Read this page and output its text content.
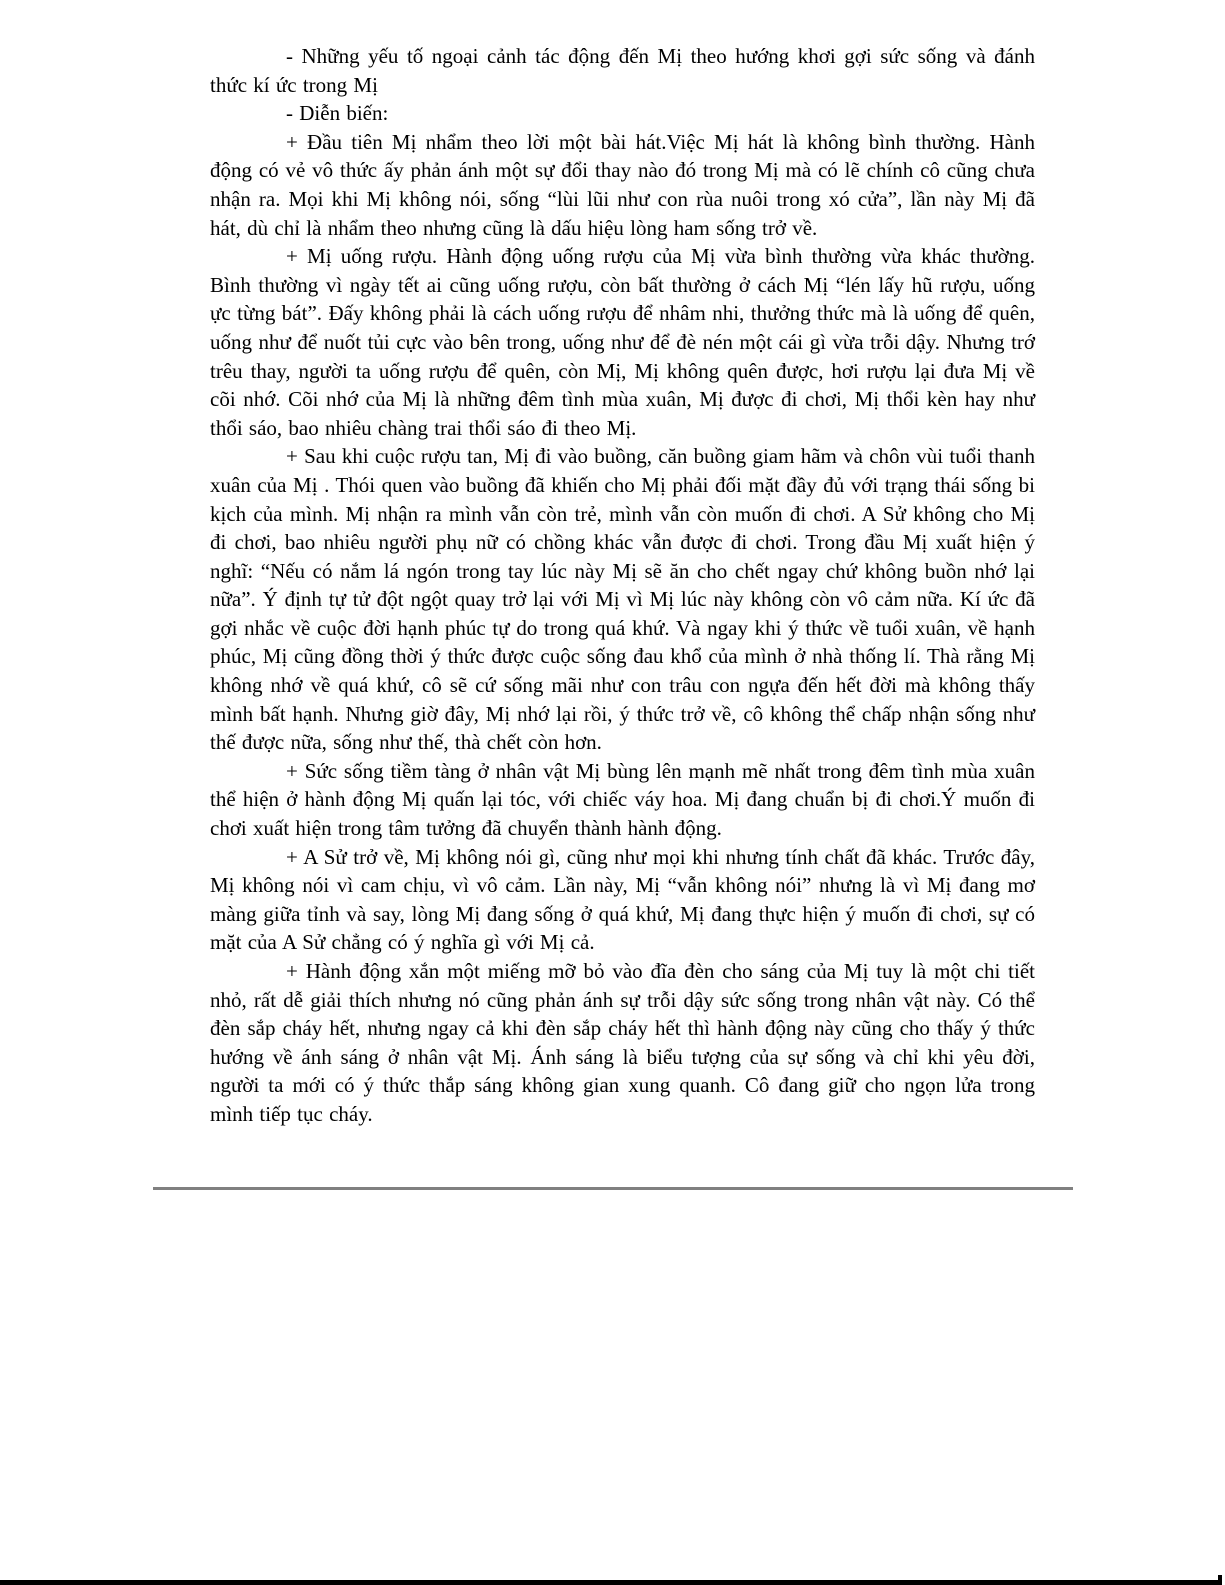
- Những yếu tố ngoại cảnh tác động đến Mị theo hướng khơi gợi sức sống và đánh thức kí ức trong Mị

- Diễn biến:

+ Đầu tiên Mị nhẩm theo lời một bài hát.Việc Mị hát là không bình thường. Hành động có vẻ vô thức ấy phản ánh một sự đổi thay nào đó trong Mị mà có lẽ chính cô cũng chưa nhận ra. Mọi khi Mị không nói, sống “lùi lũi như con rùa nuôi trong xó cửa”, lần này Mị đã hát, dù chỉ là nhẩm theo nhưng cũng là dấu hiệu lòng ham sống trở về.

+ Mị uống rượu. Hành động uống rượu của Mị vừa bình thường vừa khác thường. Bình thường vì ngày tết ai cũng uống rượu, còn bất thường ở cách Mị “lén lấy hũ rượu, uống ực từng bát”. Đấy không phải là cách uống rượu để nhâm nhi, thưởng thức mà là uống để quên, uống như để nuốt tủi cực vào bên trong, uống như để đè nén một cái gì vừa trỗi dậy. Nhưng trớ trêu thay, người ta uống rượu để quên, còn Mị, Mị không quên được, hơi rượu lại đưa Mị về cõi nhớ. Cõi nhớ của Mị là những đêm tình mùa xuân, Mị được đi chơi, Mị thổi kèn hay như thổi sáo, bao nhiêu chàng trai thổi sáo đi theo Mị.

+ Sau khi cuộc rượu tan, Mị đi vào buồng, căn buồng giam hãm và chôn vùi tuổi thanh xuân của Mị . Thói quen vào buồng đã khiến cho Mị phải đối mặt đầy đủ với trạng thái sống bi kịch của mình. Mị nhận ra mình vẫn còn trẻ, mình vẫn còn muốn đi chơi. A Sử không cho Mị đi chơi, bao nhiêu người phụ nữ có chồng khác vẫn được đi chơi. Trong đầu Mị xuất hiện ý nghĩ: “Nếu có nắm lá ngón trong tay lúc này Mị sẽ ăn cho chết ngay chứ không buồn nhớ lại nữa”. Ý định tự tử đột ngột quay trở lại với Mị vì Mị lúc này không còn vô cảm nữa. Kí ức đã gợi nhắc về cuộc đời hạnh phúc tự do trong quá khứ. Và ngay khi ý thức về tuổi xuân, về hạnh phúc, Mị cũng đồng thời ý thức được cuộc sống đau khổ của mình ở nhà thống lí. Thà rằng Mị không nhớ về quá khứ, cô sẽ cứ sống mãi như con trâu con ngựa đến hết đời mà không thấy mình bất hạnh. Nhưng giờ đây, Mị nhớ lại rồi, ý thức trở về, cô không thể chấp nhận sống như thế được nữa, sống như thế, thà chết còn hơn.

+ Sức sống tiềm tàng ở nhân vật Mị bùng lên mạnh mẽ nhất trong đêm tình mùa xuân thể hiện ở hành động Mị quấn lại tóc, với chiếc váy hoa. Mị đang chuẩn bị đi chơi.Ý muốn đi chơi xuất hiện trong tâm tưởng đã chuyển thành hành động.

+ A Sử trở về, Mị không nói gì, cũng như mọi khi nhưng tính chất đã khác. Trước đây, Mị không nói vì cam chịu, vì vô cảm. Lần này, Mị “vẫn không nói” nhưng là vì Mị đang mơ màng giữa tỉnh và say, lòng Mị đang sống ở quá khứ, Mị đang thực hiện ý muốn đi chơi, sự có mặt của A Sử chẳng có ý nghĩa gì với Mị cả.

+ Hành động xắn một miếng mỡ bỏ vào đĩa đèn cho sáng của Mị tuy là một chi tiết nhỏ, rất dễ giải thích nhưng nó cũng phản ánh sự trỗi dậy sức sống trong nhân vật này. Có thể đèn sắp cháy hết, nhưng ngay cả khi đèn sắp cháy hết thì hành động này cũng cho thấy ý thức hướng về ánh sáng ở nhân vật Mị. Ánh sáng là biểu tượng của sự sống và chỉ khi yêu đời, người ta mới có ý thức thắp sáng không gian xung quanh. Cô đang giữ cho ngọn lửa trong mình tiếp tục cháy.
